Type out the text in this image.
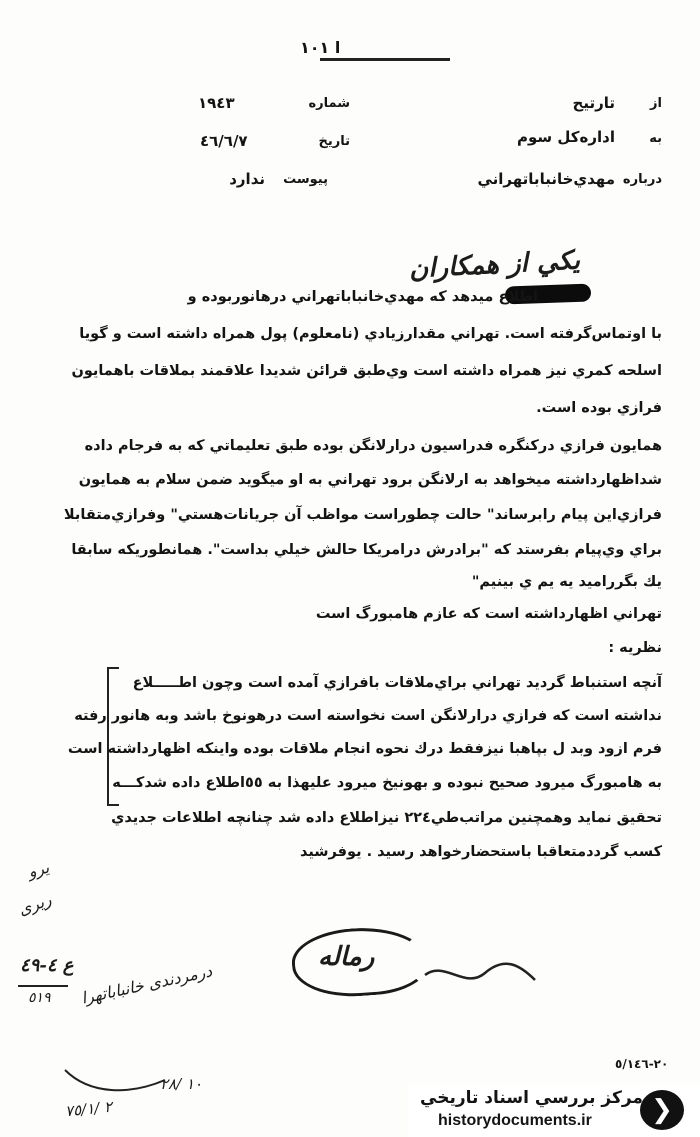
ا ١٠١
از
تارتيح
شماره
١٩٤٣
به
اداره‌كل سوم
تاريخ
٤٦/٦/٧
درباره
مهدي‌خانباباتهراني
پيوست
ندارد
يكي از همكاران
اطلاع ميدهد كه مهدي‌خانباباتهراني درهانوربوده و
با اوتماس‌گرفته است. تهراني مقدارزيادي (نامعلوم) پول همراه داشته است و گويا
اسلحه كمري نيز همراه داشته است وي‌طبق قرائن شديدا علاقمند بملاقات باهمايون
فرازي بوده است.
همايون فرازي دركنگره فدراسيون درارلانگن بوده طبق تعليماتي كه به فرجام داده
شداظهارداشته ميخواهد به ارلانگن برود تهراني به او ميگويد ضمن سلام به همايون
فرازي‌اين پيام رابرساند" حالت چطوراست مواظب آن جريانات‌هستي" وفرازي‌متقابلا
براي وي‌پيام بفرستد كه "برادرش درامريكا حالش خيلي بداست". همانطوريكه سابقا
يك بگرراميد يه يم ي بينيم"
تهراني اظهارداشته است كه عازم هامبورگ است
نظريه :
آنچه استنباط گرديد تهراني براي‌ملاقات بافرازي آمده است وچون اطـــــلاع
نداشته است كه فرازي درارلانگن است نخواسته است درهونوخ باشد وبه هانور رفته
فرم ازود وبد ل بپاهبا نيزفقط درك نحوه انجام ملاقات بوده واينكه اظهارداشته است
به هامبورگ ميرود صحيح نبوده و بهونيخ ميرود عليهذا به ٥٥اطلاع داده شدكـــه
تحقيق نمايد وهمچنين مراتب‌طي٢٢٤ نيزاطلاع داده شد چنانچه اطلاعات جديدي
كسب گرددمتعاقبا باستحضارخواهد رسيد . يوفرشيد
رماله
يرو
ريرى
ع ٤-٤٩
٥١٩ درمرد‌ندی خانباباتهرا
١٠ /٢٨
٢ /٧٥/١
٢٠-٥/١٤٦
❯
مركز بررسي اسناد تاريخي
historydocuments.ir
